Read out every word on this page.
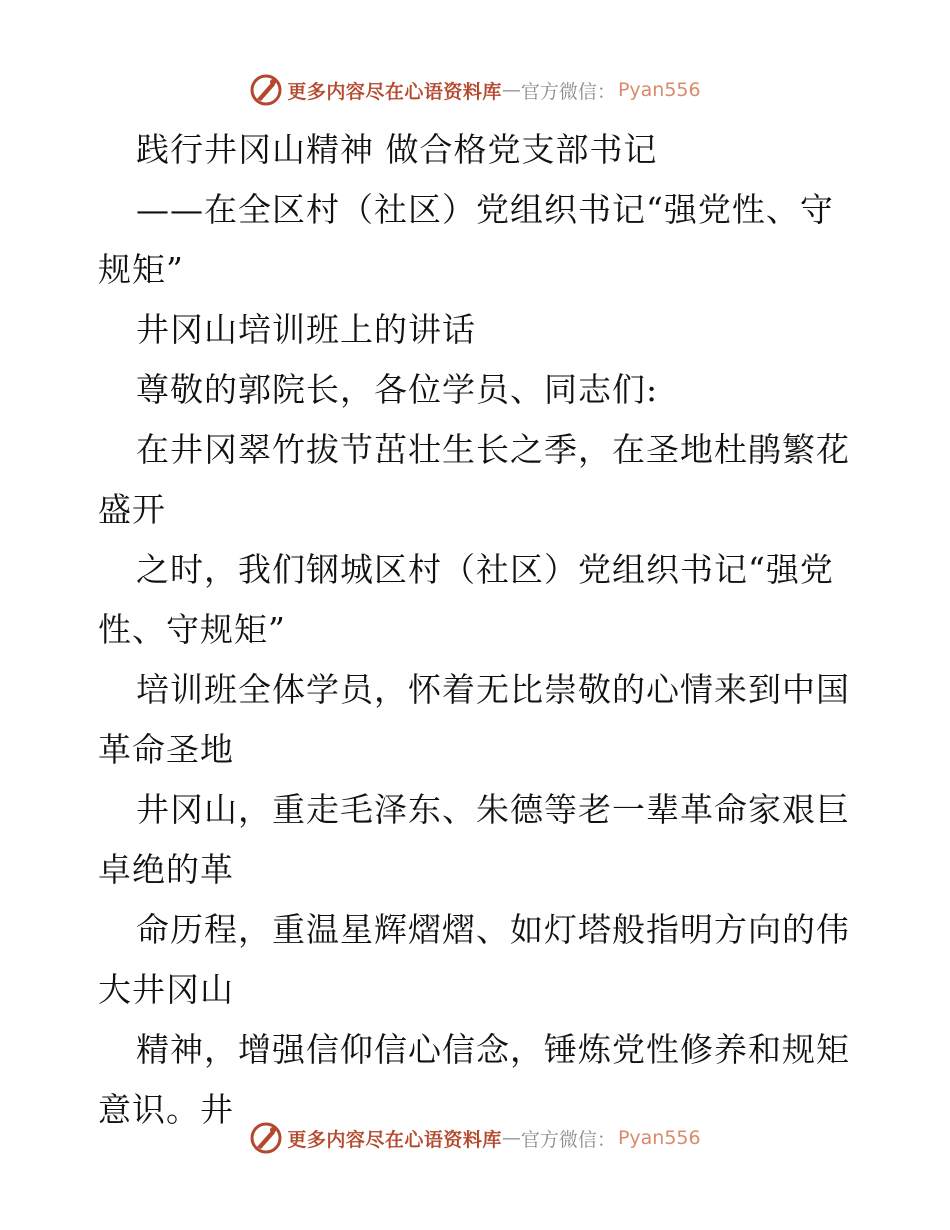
更多内容尽在心语资料库 — 官方微信： Pyan556
践行井冈山精神 做合格党支部书记
——在全区村（社区）党组织书记“强党性、守
规矩”
井冈山培训班上的讲话
尊敬的郭院长，各位学员、同志们:
在井冈翠竹拔节茁壮生长之季，在圣地杜鹃繁花
盛开
之时，我们钢城区村（社区）党组织书记“强党
性、守规矩”
培训班全体学员，怀着无比崇敬的心情来到中国
革命圣地
井冈山，重走毛泽东、朱德等老一辈革命家艰巨
卓绝的革
命历程，重温星辉熠熠、如灯塔般指明方向的伟
大井冈山
精神，增强信仰信心信念，锤炼党性修养和规矩
意识。井
更多内容尽在心语资料库 — 官方微信： Pyan556
